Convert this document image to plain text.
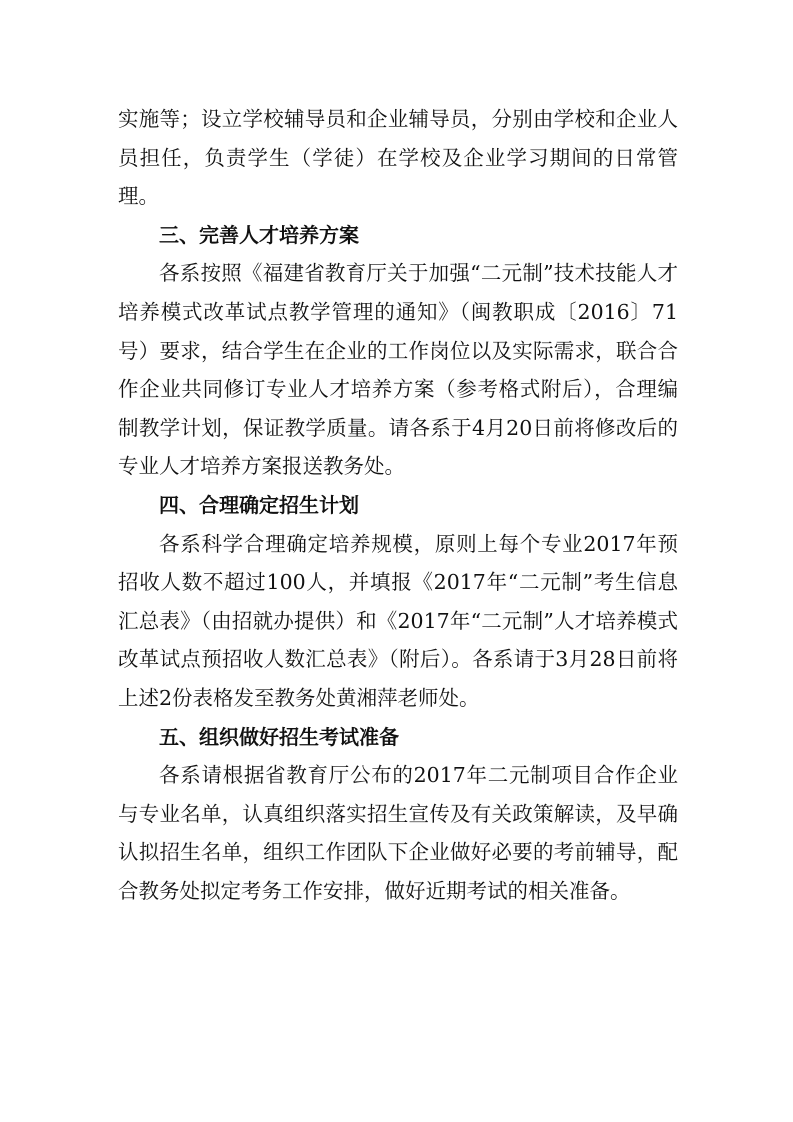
实施等；设立学校辅导员和企业辅导员，分别由学校和企业人员担任，负责学生（学徒）在学校及企业学习期间的日常管理。

三、完善人才培养方案

各系按照《福建省教育厅关于加强“二元制”技术技能人才培养模式改革试点教学管理的通知》（闽教职成〔2016〕71号）要求，结合学生在企业的工作岗位以及实际需求，联合合作企业共同修订专业人才培养方案（参考格式附后），合理编制教学计划，保证教学质量。请各系于4月20日前将修改后的专业人才培养方案报送教务处。

四、合理确定招生计划

各系科学合理确定培养规模，原则上每个专业2017年预招收人数不超过100人，并填报《2017年“二元制”考生信息汇总表》（由招就办提供）和《2017年“二元制”人才培养模式改革试点预招收人数汇总表》（附后）。各系请于3月28日前将上述2份表格发至教务处黄湘萍老师处。

五、组织做好招生考试准备

各系请根据省教育厅公布的2017年二元制项目合作企业与专业名单，认真组织落实招生宣传及有关政策解读，及早确认拟招生名单，组织工作团队下企业做好必要的考前辅导，配合教务处拟定考务工作安排，做好近期考试的相关准备。
